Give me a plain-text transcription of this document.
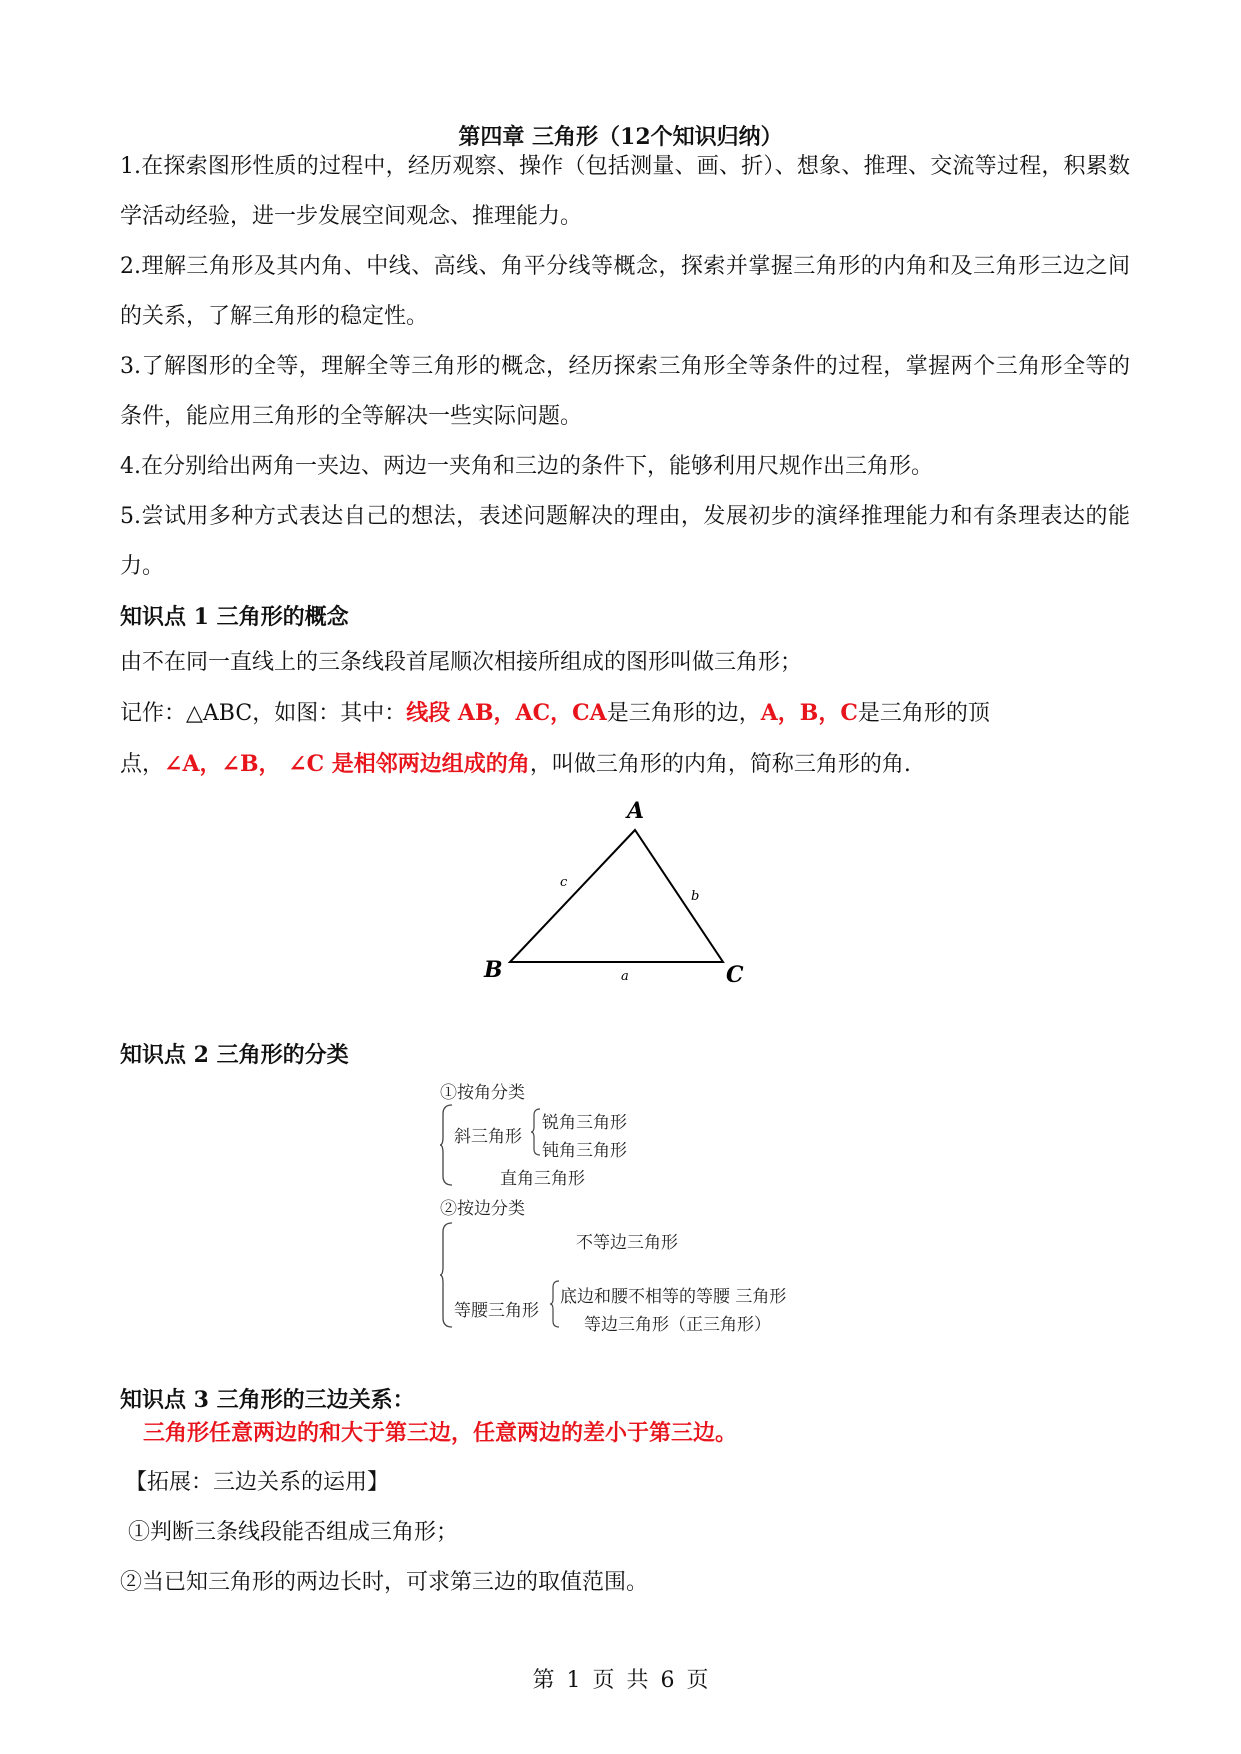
第四章 三角形（12个知识归纳）

1.在探索图形性质的过程中，经历观察、操作（包括测量、画、折）、想象、推理、交流等过程，积累数学活动经验，进一步发展空间观念、推理能力。

2.理解三角形及其内角、中线、高线、角平分线等概念，探索并掌握三角形的内角和及三角形三边之间的关系，了解三角形的稳定性。

3.了解图形的全等，理解全等三角形的概念，经历探索三角形全等条件的过程，掌握两个三角形全等的条件，能应用三角形的全等解决一些实际问题。

4.在分别给出两角一夹边、两边一夹角和三边的条件下，能够利用尺规作出三角形。

5.尝试用多种方式表达自己的想法，表述问题解决的理由，发展初步的演绎推理能力和有条理表达的能力。

知识点 1 三角形的概念
由不在同一直线上的三条线段首尾顺次相接所组成的图形叫做三角形；
记作：△ABC，如图：其中：线段 AB，AC，CA是三角形的边，A，B，C是三角形的顶
点，∠A，∠B， ∠C 是相邻两边组成的角，叫做三角形的内角，简称三角形的角.
A
B	C
c
b
a
知识点 2 三角形的分类
①按角分类
斜三角形
锐角三角形
钝角三角形
直角三角形
②按边分类
不等边三角形
等腰三角形
底边和腰不相等的等腰 三角形
等边三角形（正三角形）
知识点 3 三角形的三边关系：
三角形任意两边的和大于第三边，任意两边的差小于第三边。
【拓展：三边关系的运用】
①判断三条线段能否组成三角形；
②当已知三角形的两边长时，可求第三边的取值范围。
第 1 页 共 6 页
